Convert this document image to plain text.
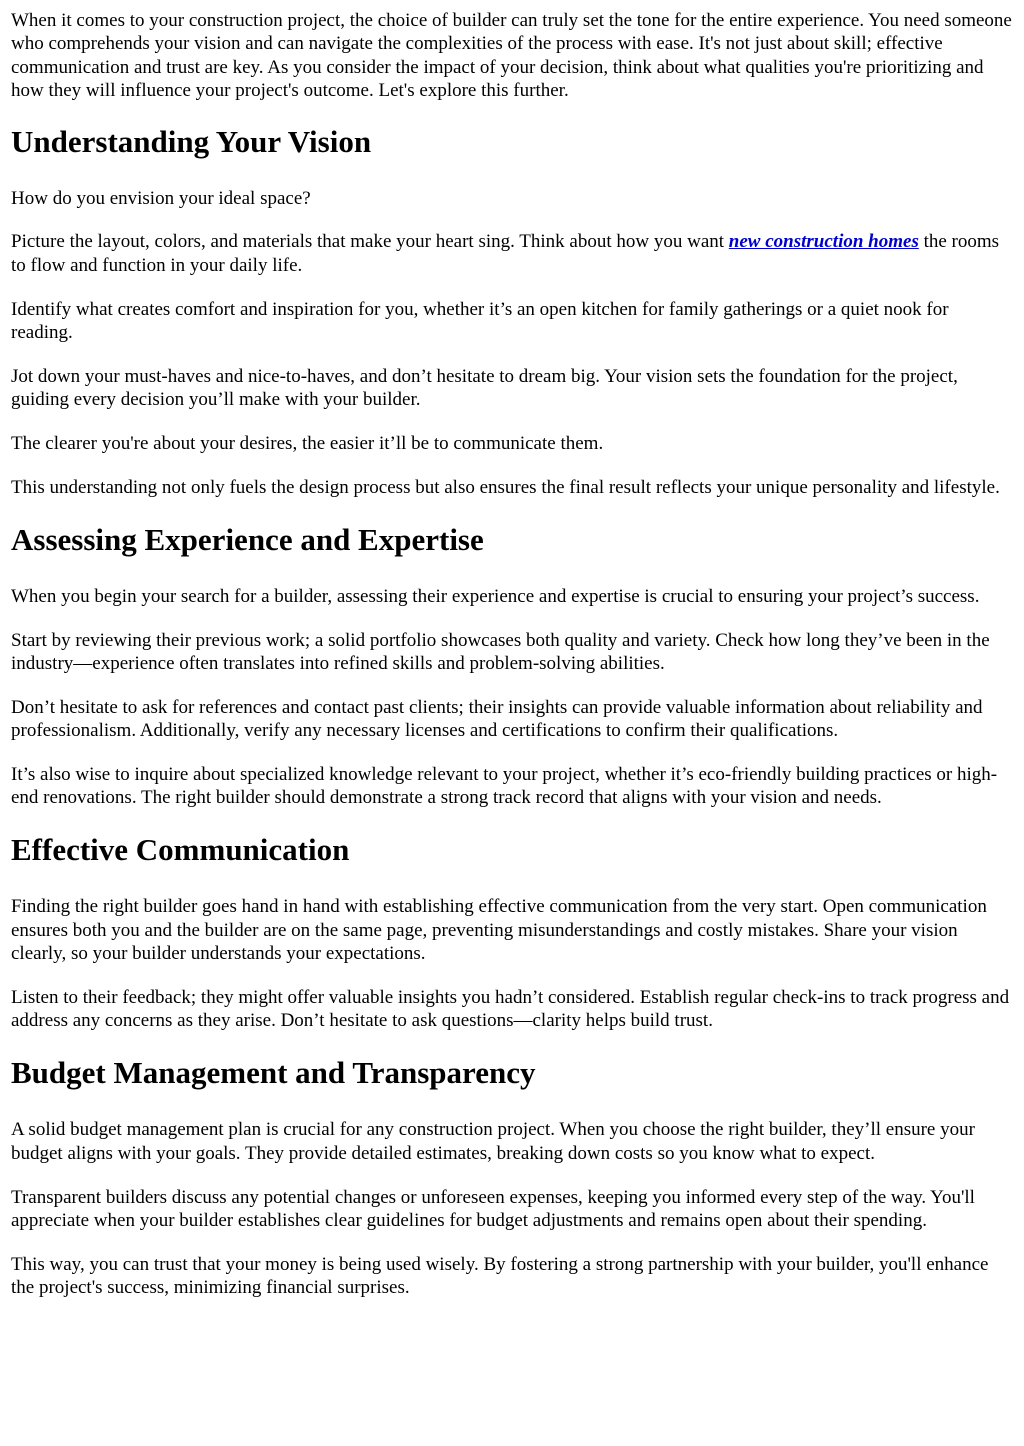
When it comes to your construction project, the choice of builder can truly set the tone for the entire experience. You need someone who comprehends your vision and can navigate the complexities of the process with ease. It's not just about skill; effective communication and trust are key. As you consider the impact of your decision, think about what qualities you're prioritizing and how they will influence your project's outcome. Let's explore this further.

Understanding Your Vision

How do you envision your ideal space?

Picture the layout, colors, and materials that make your heart sing. Think about how you want new construction homes the rooms to flow and function in your daily life.

Identify what creates comfort and inspiration for you, whether it’s an open kitchen for family gatherings or a quiet nook for reading.

Jot down your must-haves and nice-to-haves, and don’t hesitate to dream big. Your vision sets the foundation for the project, guiding every decision you’ll make with your builder.

The clearer you're about your desires, the easier it’ll be to communicate them.

This understanding not only fuels the design process but also ensures the final result reflects your unique personality and lifestyle.

Assessing Experience and Expertise

When you begin your search for a builder, assessing their experience and expertise is crucial to ensuring your project’s success.

Start by reviewing their previous work; a solid portfolio showcases both quality and variety. Check how long they’ve been in the industry—experience often translates into refined skills and problem-solving abilities.

Don’t hesitate to ask for references and contact past clients; their insights can provide valuable information about reliability and professionalism. Additionally, verify any necessary licenses and certifications to confirm their qualifications.

It’s also wise to inquire about specialized knowledge relevant to your project, whether it’s eco-friendly building practices or high-end renovations. The right builder should demonstrate a strong track record that aligns with your vision and needs.

Effective Communication

Finding the right builder goes hand in hand with establishing effective communication from the very start. Open communication ensures both you and the builder are on the same page, preventing misunderstandings and costly mistakes. Share your vision clearly, so your builder understands your expectations.

Listen to their feedback; they might offer valuable insights you hadn’t considered. Establish regular check-ins to track progress and address any concerns as they arise. Don’t hesitate to ask questions—clarity helps build trust.

Budget Management and Transparency

A solid budget management plan is crucial for any construction project. When you choose the right builder, they’ll ensure your budget aligns with your goals. They provide detailed estimates, breaking down costs so you know what to expect.

Transparent builders discuss any potential changes or unforeseen expenses, keeping you informed every step of the way. You'll appreciate when your builder establishes clear guidelines for budget adjustments and remains open about their spending.

This way, you can trust that your money is being used wisely. By fostering a strong partnership with your builder, you'll enhance the project's success, minimizing financial surprises.
